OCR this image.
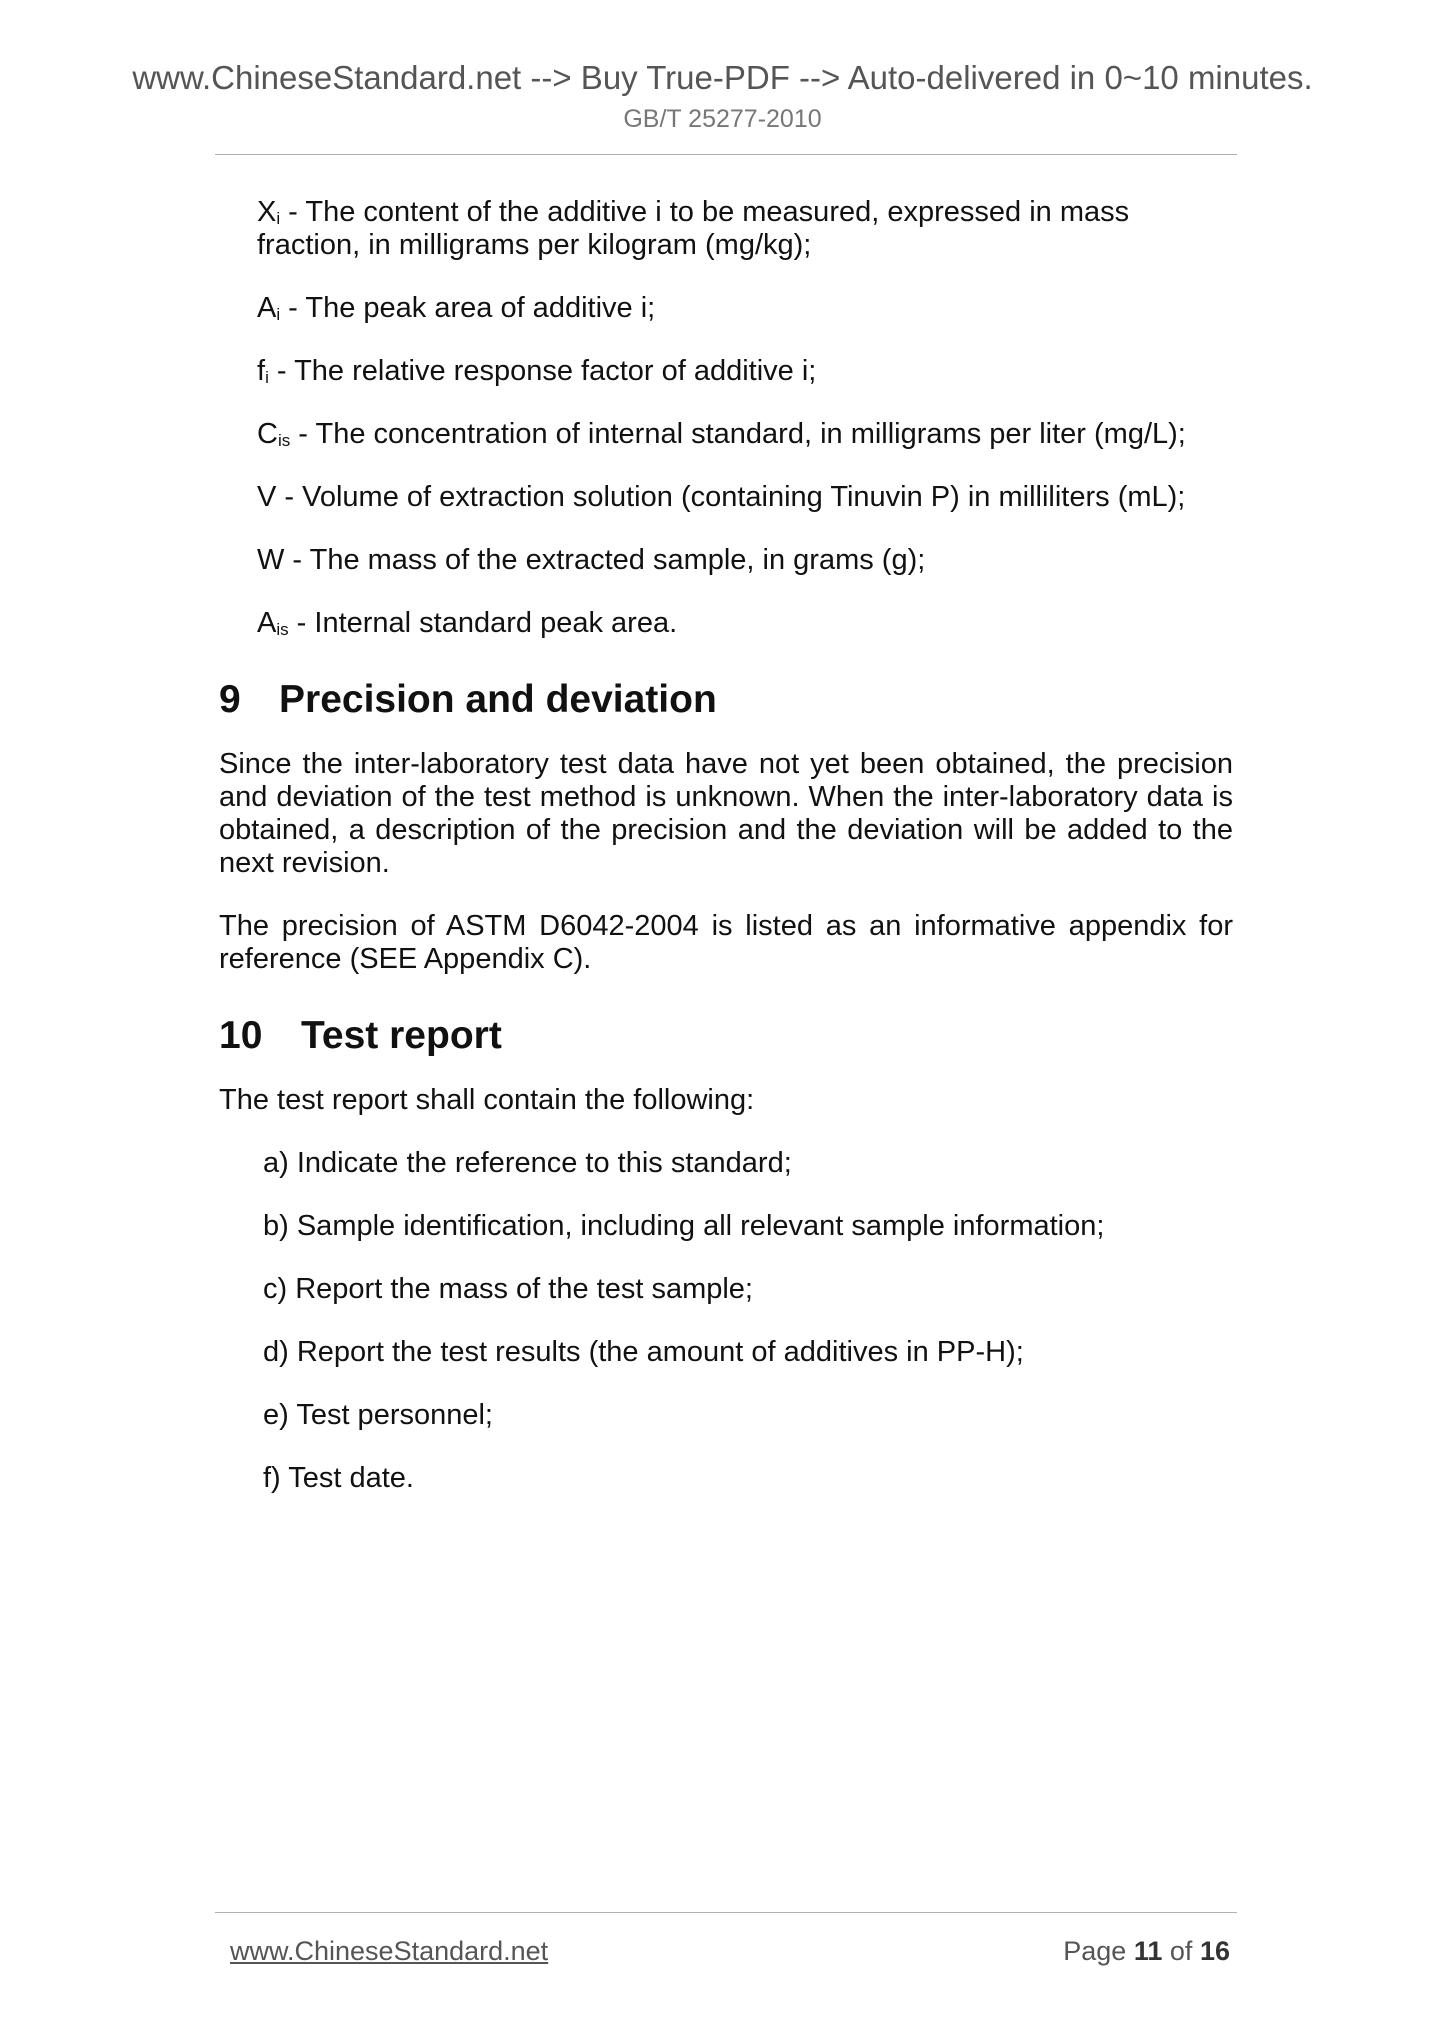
www.ChineseStandard.net --> Buy True-PDF --> Auto-delivered in 0~10 minutes.
GB/T 25277-2010
$X_i$ - The content of the additive i to be measured, expressed in mass fraction, in milligrams per kilogram (mg/kg);
$A_i$ - The peak area of additive i;
$f_i$ - The relative response factor of additive i;
$C_{is}$ - The concentration of internal standard, in milligrams per liter (mg/L);
V - Volume of extraction solution (containing Tinuvin P) in milliliters (mL);
W - The mass of the extracted sample, in grams (g);
$A_{is}$ - Internal standard peak area.
9 Precision and deviation

Since the inter-laboratory test data have not yet been obtained, the precision and deviation of the test method is unknown. When the inter-laboratory data is obtained, a description of the precision and the deviation will be added to the next revision.

The precision of ASTM D6042-2004 is listed as an informative appendix for reference (SEE Appendix C).

10 Test report

The test report shall contain the following:

a) Indicate the reference to this standard;
b) Sample identification, including all relevant sample information;
c) Report the mass of the test sample;
d) Report the test results (the amount of additives in PP-H);
e) Test personnel;
f) Test date.
www.ChineseStandard.net	Page 11 of 16
